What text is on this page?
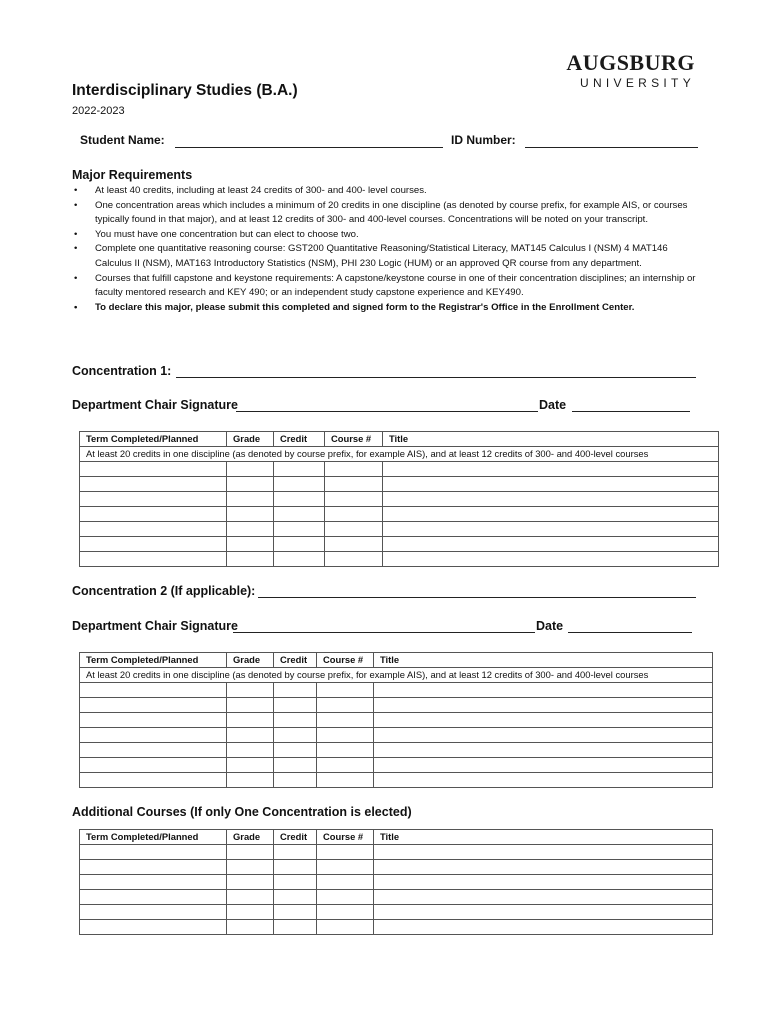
AUGSBURG
UNIVERSITY
Interdisciplinary Studies (B.A.)
2022-2023
Student Name:	ID Number:
Major Requirements
• At least 40 credits, including at least 24 credits of 300- and 400- level courses.
• One concentration areas which includes a minimum of 20 credits in one discipline (as denoted by course prefix, for example AIS, or courses typically found in that major), and at least 12 credits of 300- and 400-level courses. Concentrations will be noted on your transcript.
• You must have one concentration but can elect to choose two.
• Complete one quantitative reasoning course: GST200 Quantitative Reasoning/Statistical Literacy, MAT145 Calculus I (NSM) 4 MAT146 Calculus II (NSM), MAT163 Introductory Statistics (NSM), PHI 230 Logic (HUM) or an approved QR course from any department.
• Courses that fulfill capstone and keystone requirements: A capstone/keystone course in one of their concentration disciplines; an internship or faculty mentored research and KEY 490; or an independent study capstone experience and KEY490.
• To declare this major, please submit this completed and signed form to the Registrar's Office in the Enrollment Center.
Concentration 1:
Department Chair Signature	Date
Term Completed/Planned	Grade	Credit	Course #	Title
At least 20 credits in one discipline (as denoted by course prefix, for example AIS), and at least 12 credits of 300- and 400-level courses				

Concentration 2 (If applicable):
Department Chair Signature	Date
Term Completed/Planned	Grade	Credit	Course #	Title
At least 20 credits in one discipline (as denoted by course prefix, for example AIS), and at least 12 credits of 300- and 400-level courses				

Additional Courses (If only One Concentration is elected)
Term Completed/Planned	Grade	Credit	Course #	Title
